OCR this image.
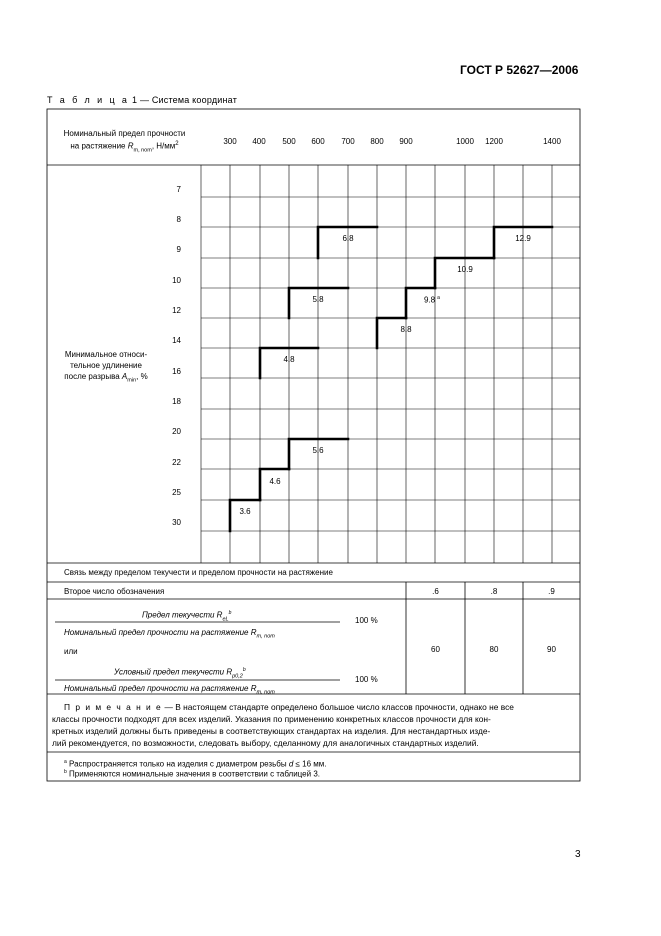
ГОСТ Р 52627—2006
Т а б л и ц а 1 — Система координат
Номинальный предел прочности
на растяжение $R_{m, nom}$, $Н/мм^2$	300	400	500	600	700	800	900	1000	1200	1400
Минимальное относи-
тельное удлинение
после разрыва $A_{min}$, %
7
8
9
10
12
14
16
18
20
22
25
30
6.8	12.9
10.9
9.8 $^a$
5.8
8.8
4.8
5.6
4.6
3.6
Связь между пределом текучести и пределом прочности на растяжение
Второе число обозначения	.6	.8	.9
Предел текучести $R_{eL}^b$
100 %
Номинальный предел прочности на растяжение $R_{m, nom}$
или
Условный предел текучести $R_{p0,2}^b$
100 %
Номинальный предел прочности на растяжение $R_{m, nom}$
60	80	90
П р и м е ч а н и е — В настоящем стандарте определено большое число классов прочности, однако не все
классы прочности подходят для всех изделий. Указания по применению конкретных классов прочности для кон-
кретных изделий должны быть приведены в соответствующих стандартах на изделия. Для нестандартных изде-
лий рекомендуется, по возможности, следовать выбору, сделанному для аналогичных стандартных изделий.
$^a$ Распространяется только на изделия с диаметром резьбы d ≤ 16 мм.
$^b$ Применяются номинальные значения в соответствии с таблицей 3.
3
